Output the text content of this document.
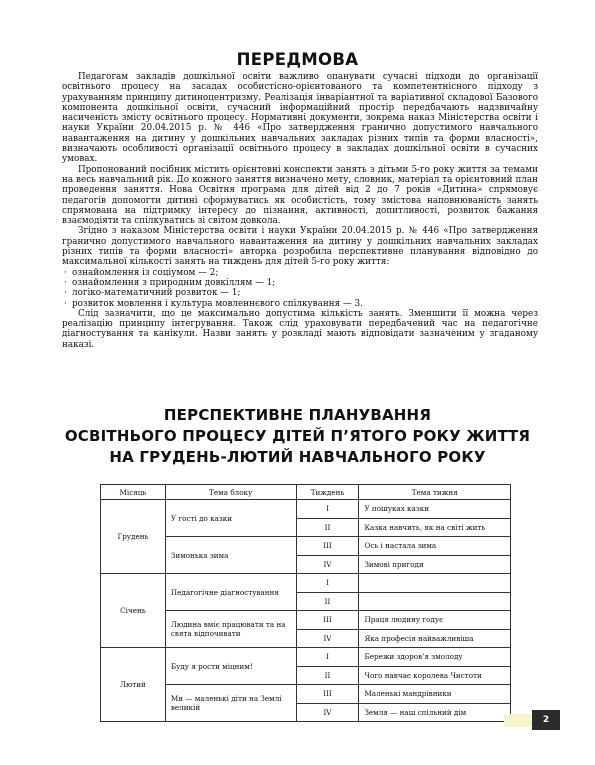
ПЕРЕДМОВА

Педагогам закладів дошкільної освіти важливо опанувати сучасні підходи до організації освітнього процесу на засадах особистісно-орієнтованого та компетентнісного підходу з урахуванням принципу дитиноцентризму. Реалізація інваріантної та варіативної складової Базового компонента дошкільної освіти, сучасний інформаційний простір передбачають надзвичайну насиченість змісту освітнього процесу. Нормативні документи, зокрема наказ Міністерства освіти і науки України 20.04.2015 р. № 446 «Про затвердження гранично допустимого навчального навантаження на дитину у дошкільних навчальних закладах різних типів та форми власності», визначають особливості організації освітнього процесу в закладах дошкільної освіти в сучасних умовах.

Пропонований посібник містить орієнтовні конспекти занять з дітьми 5-го року життя за темами на весь навчальний рік. До кожного заняття визначено мету, словник, матеріал та орієнтовний план проведення заняття. Нова Освітня програма для дітей від 2 до 7 років «Дитина» спрямовує педагогів допомогти дитині сформуватись як особистість, тому змістова наповнюваність занять спрямована на підтримку інтересу до пізнання, активності, допитливості, розвиток бажання взаємодіяти та спілкуватись зі світом довкола.

Згідно з наказом Міністерства освіти і науки України 20.04.2015 р. № 446 «Про затвердження гранично допустимого навчального навантаження на дитину у дошкільних навчальних закладах різних типів та форми власності» авторка розробила перспективне планування відповідно до максимальної кількості занять на тиждень для дітей 5-го року життя:

· ознайомлення із соціумом — 2;
· ознайомлення з природним довкіллям — 1;
· логіко-математичний розвиток — 1;
· розвиток мовлення і культура мовленнєвого спілкування — 3.

Слід зазначити, що це максимально допустима кількість занять. Зменшити її можна через реалізацію принципу інтегрування. Також слід ураховувати передбачений час на педагогічне діагностування та канікули. Назви занять у розкладі мають відповідати зазначеним у згаданому наказі.

ПЕРСПЕКТИВНЕ ПЛАНУВАННЯ
ОСВІТНЬОГО ПРОЦЕСУ ДІТЕЙ П’ЯТОГО РОКУ ЖИТТЯ
НА ГРУДЕНЬ-ЛЮТИЙ НАВЧАЛЬНОГО РОКУ
Місяць	Тема блоку	Тиждень	Тема тижня
Грудень	У гості до казки	I	У пошуках казки
		II	Казка навчить, як на світі жить
	Зимонька зима	III	Ось і настала зима
		IV	Зимові пригоди
Січень	Педагогічне діагностування	I	
		II	
	Людина вміє працювати та на свята відпочивати	III	Праця людину годує
		IV	Яка професія найважливіша
Лютий	Буду я рости міцним!	I	Бережи здоров’я змолоду
		II	Чого навчає королева Чистоти
	Ми — маленькі діти на Землі великій	III	Маленькі мандрівники
		IV	Земля — наш спільний дім
2
